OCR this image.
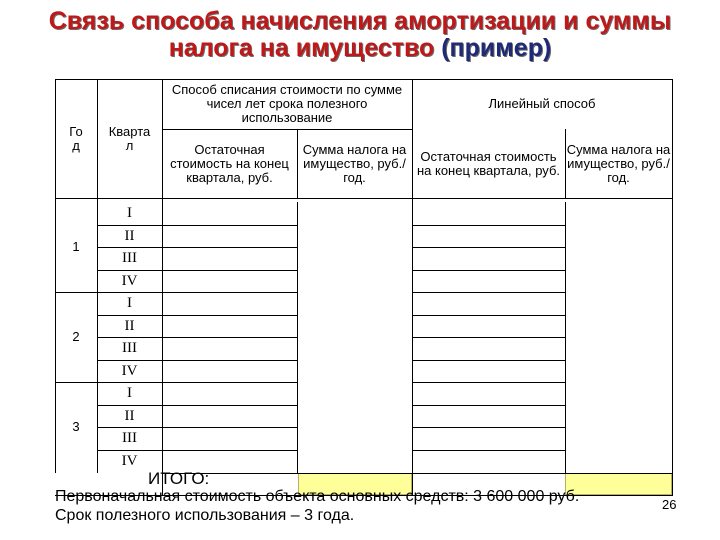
Связь способа начисления амортизации и суммы
налога на имущество (пример)
Го
д
Кварта
л
Способ списания стоимости по сумме чисел лет срока полезного использование
Линейный способ
Остаточная стоимость на конец квартала, руб.
Сумма налога на имущество, руб./год.
Остаточная стоимость на конец квартала, руб.
Сумма налога на имущество, руб./год.
1
I
II
III
IV
2
I
II
III
IV
3
I
II
III
IV
ИТОГО:
Первоначальная стоимость объекта основных средств: 3 600 000 руб.
Срок полезного использования – 3 года.
26
